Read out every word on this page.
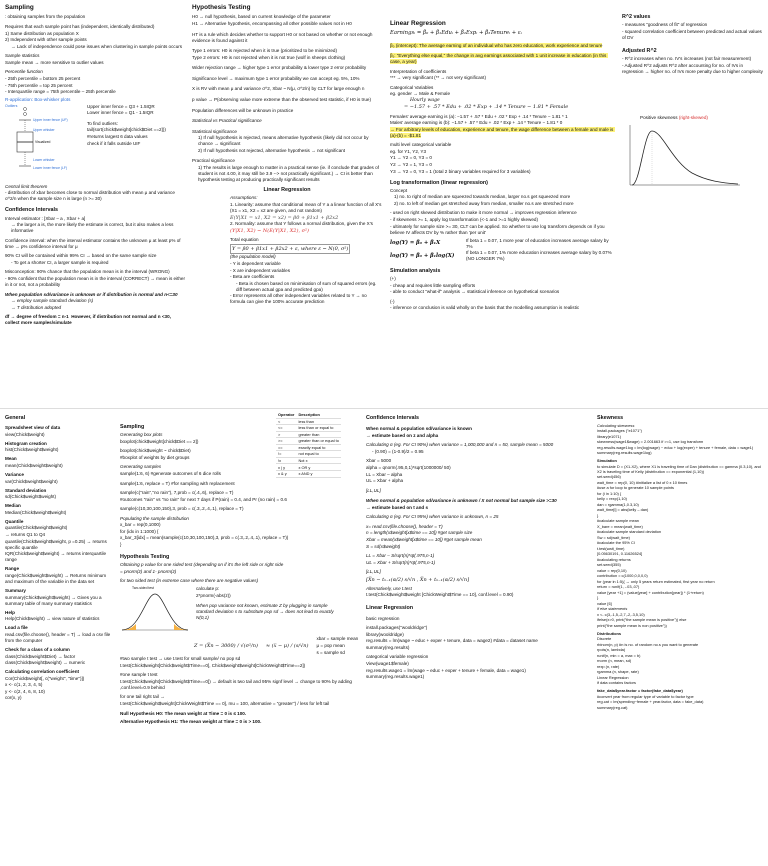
Sampling
: obtaining samples from the population
Requires that each sample point has (independent, identically distributed)
1) Same distribution as population X
2) Independent with other sample points
→ Lack of independence could pose issues when clustering in sample points occurs
Sample statistics
Sample mean → more sensitive to outlier values
Percentile function
- 25th percentile = bottom 25 percent
- 75th percentile = top 25 percent
- Interquartile range = 75th percentile – 25th percentile
R-application: Box-whisker plots
Outliers
Upper inner fence (UF)
Upper whisker
Visualized
Lower whisker
Lower inner fence (LF)
Upper inner fence = Q3 + 1.5IQR
Lower inner fence = Q1 - 1.5IQR
To find outliers:
tail(sort(chick$weight[chick$Diet ==2]))
#returns largest 6 data values
check if it falls outside UIF
Central limit theorem
- distribution of xbar becomes close to normal distribution with mean μ and variance σ^2/n when the sample size n is large (n >= 30)
Confidence Intervals
Interval estimator : [Xbar – a , Xbar + a]
→ the larger a is, the more likely the estimate is correct, but it also makes a less informative
Confidence interval: when the interval estimator contains the unknown μ at least p% of time → p% confidence interval for μ
90% CI will be contained within 99% CI → based on the same sample size
- To get a shorter CI, a larger sample is required
Misconception: 90% chance that the population mean is in the interval (WRONG)
- 90% confident that the population mean is in the interval (CORRECT) → mean is either in it or not, not a probability
When population sd/variance is unknown or if distribution is normal and n<=30
→ employ sample standard deviation (s)
→ T distribution adopted
df → degree of freedom = n-1  However, if distribution not normal and n <30, collect more samples/simulate
Hypothesis Testing
H0 → null hypothesis, based on current knowledge of the parameter
H1 → Alternative hypothesis, encompassing all other possible values not in H0
HT is a rule which decides whether to support H0 or not based on whether or not enough evidence is found against it
Type 1 errors: H0 is rejected when it is true (prioritized to be minimized)
Type 2 errors: H0 is not rejected when it is not true (wolf in sheeps clothing)
Wider rejection range → higher type 1 error probability & lower type 2 error probability
Significance level → maximum type 1 error probability we can accept eg. 5%, 10%
X is RV with mean μ and variance σ^2, Xbar ~ N(μ, σ^2/n) by CLT for large enough n
p value → P(observing value more extreme than the observed test statistic, if H0 is true)
Population differences will be unknown in practice
Statistical vs Practical significance
Statistical significance
1) If null hypothesis is rejected, means alternative hypothesis (likely did not occur by chance → significant
2) If null hypothesis not rejected, alternative hypothesis → not significant
Practical significance
1) The results is large enough to matter in a practical sense (ie. if conclude that grades of student is not 4.00, it may still be 3.9 --> not practically significant.) → CI is better than hypothesis testing at producing practically significant results
Linear Regression
Assumptions:
1. Linearity: assume that conditional mean of Y a a linear function of all X's (X1 = x1, X2 = x2 are given, and not random)
E(Y|X1 = x1, X2 = x2) = β0 + β1x1 + β2x2
2. Normality: assume that Y follows a normal distribution, given the X's
(Y|X1, X2) ~ N(E(Y|X1, X2), σ²)
Total equation
Y = β0 + β1x1 + β2x2 + ε, where ε ~ N(0, σ²)
(the population model)
- Y is dependent variable
- X are independent variables
- Beta are coefficients
- Beta is chosen based on minimisation of sum of squared errors (eg. diff between actual gpa and predicted gpa)
- Error represents all other independent variables related to Y → no formula can give the 100% accurate prediction
Linear Regression
Earningsᵢ = β̂₀ + β̂₁Eduᵢ + β̂₂Expᵢ + β̂₃Tenureᵢ + εᵢ
β₀ (intercept): The average earning of an individual who has zero education, work experience and tenure
β₁: "Everything else equal," the change in avg earnings associated with 1 unit increase in education (in this case, a year)
Interpretation of coefficients
*** → very significant (** → not very significant)
Categorical Variables
eg. gender → Male & Female
Hourly wage
= −1.57 + .57 * Edu + .02 * Exp + .14 * Tenure − 1.81 * Female
Females' average earning is (a): −1.57 + .57 * Edu + .02 * Exp + .14 * Tenure − 1.81 * 1
Males' average earning is (b): −1.57 + .57 * Edu + .02 * Exp + .14 * Tenure − 1.81 * 0
→ For arbitrary levels of education, experience and tenure, the wage difference between a female and male is (a)-(b) = -$1.81
multi level categorical variable
eg. for Y1, Y2, Y3
Y1 → Y2 = 0, Y3 = 0
Y2 → Y2 = 1, Y3 = 0
Y3 → Y2 = 0, Y3 = 1 (total 2 binary variables required for 3 variables)
Log transformation (linear regression)
Concept
1) no. to right of median are squeezed towards median, larger no.s get squeezed more
2) no. to left of median get stretched away from median, smaller no.s are stretched more
- used on right skewed distribution to make it more normal → improves regression inference
- if skewness >= 1, apply log transformation (<-1 and >=1 highly skewed)
- ultimately for sample size >= 30, CLT can be applied. So whether to use log transform depends on if you believe IV affects DV by % rather than 'per unit'
log(Y) = β₀ + β₁X
If beta 1 = 0.07, 1 more year of education increases average salary by 7%
log(Y) = β₀ + β₁log(X)
If beta 1 = 0.07, 1% more education increases average salary by 0.07% (NO LONGER 7%)
Simulation analysis
(+)
- cheap and requires little sampling efforts
- able to conduct "what-if" analysis → statistical inference on hypothetical scenarios
(-)
- inference or conclusion is valid wholly on the basis that the modelling assumption is realistic
R^2 values
- measures "goodness of fit" of regression
- squared correlation coefficient between predicted and actual values of DV
Adjusted R^2
- R^2 increases when no. IV's increases (not fair measurement)
- Adjusted R^2 adjusts R^2 after accounting for no. of IVs in regression → higher no. of IVs more penalty due to higher complexity
Positive skewness (right-skewed)
General
Spreadsheet view of data
view(Chick$weight)
Histogram creation
hist(Chick$weight$weight)
Mean
mean(Chick$weight$weight)
Variance
var(Chick$weight$weight)
Standard deviation
sd(Chick$weight$weight)
Median
Median(Chick$weight$weight)
Quantile
quantile(Chick$weight$weight)
→ returns Q1 to Q4
quantile(Chick$weight$weight, p =0.25) → returns specific quantile
IQR(Chick$weight$weight) → returns interquartile range
Range
range(Chick$weight$weight) → Returns minimum and maximum of the variable in the data set
Summary
summary(Chick$weight$weight) → Gives you a summary table of many summary statistics
Help
Help(Chick$weight) → view nature of statistics
Load a file
read.csv(file.choose(), header = T) → load a csv file from the computer
Check for a class of a column
class(Chick$weight$Diet) → factor
class(Chick$weight$weight) → numeric
Calculating correlation coefficient
Cor(Chick$weight[, c("weight", "time")])
x <- c(1, 2, 3, 4, 5)
y <- c(2, 4, 6, 8, 10)
cor(x, y)
Sampling
Generating box plots
boxplot(chick$weight[chick$Diet == 2])
boxplot(chick$weight ~ chick$Diet)
#boxplot of weights by diet groups
Generating samples
sample(1:6, 6) #generate outcomes of 6 dice rolls
Operator	Description
<	less than
<=	less than or equal to
>	greater than
>=	greater than or equal to
==	exactly equal to
!=	not equal to
!x	Not x
x | y	x OR y
x & y	x AND y
sample(1:6, replace = T) #for sampling with replacement
sample(c("rain","no rain"), 7,prob = c(.4,.6), replace = T)
#outcomes "rain" vs "no rain" for next 7 days if P(rain) = 0.4, and Pr (no rain) = 0.6
sample(c(10,30,100,150),3, prob = c(.3,.2,.4,.1), replace = T)
Populating the sample distribution
x_bar = rep(0,1000)
for (idx in 1:1000) {
x_bar_3[idx] = mean(sample(c(10,30,100,150),3, prob = c(.3,.2,.4,.1), replace = T))
}
Hypothesis Testing
Obtaining p value for one sided test (depending on if it's the left side or right side
= pnorm(z) and 1- pnorm(z)
for two sided test (in extreme case where there are negative values)
Two-sided test	calculate p:
2*pnorm(-abs(z))
When pop variance not known, estimate Z by plugging in sample standard deviation s to substitute pop sd → does not lead to exactly N(0,1)
Z = (X̅n − 3000) / √(σ²/n) ≈ (x̅ − μ) / (s/√n)
xbar = sample mean
μ = pop mean
s = sample sd
#two sample t test → use t.test for small sample/ no pop sd
t.test(Chick$weight[Chick$weight$Time==0], Chick$weight$weight[ChickWeight$Time==2])
#one sample t test
t.test(Chick$weight[Chick$weight$Time==0]) → default is two tail and 95% signf level → change to 90% by adding ,conf.level=0.9 behind
for one tail right tail →
t.test(Chick$weight$weight[ChickWeight$Time == 0], mu = 100, alternative = "greater") / less for left tail
Null Hypothesis H0: The mean weight at Time = 0 is ≤ 100.
Alternative Hypothesis H1: The mean weight at Time = 0 is > 100.
Confidence Intervals
When normal & population sd/variance is known
→ estimate based on z and alpha
Calculating α (eg. For CI 90%) when variance = 1,000,000 and n = 50, sample mean = 5000
- (0.90) = (1-0.9)/2 = 0.95
Xbar = 5000
alpha = qnorm(.95,0,1)*sqrt(1000000/ 50)
LL = Xbar – alpha
UL = Xbar + alpha
[LL,UL]
When normal & population sd/variance is unknown / X not normal but sample size >=30
→ estimate based on t and s
Calculating α (eg. For CI 95%) when variance is unknown, n = 25
x= read.csv(file.choose(), header = T)
n = length(x$weight[x$time == 10]) #get sample size
Xbar = mean(x$weight[x$time == 10]) #get sample mean
S = sd(x$weight)
LL = Xbar – S/sqrt(n)*qt(.975,n-1)
UL = Xbar + S/sqrt(n)*qt(.975,n-1)
[LL,UL]
[X̅n − tₙ₋₁(α/2) s/√n , X̅n + tₙ₋₁(α/2) s/√n]
Alternatively, use t.test
t.test(Chick$weight$weight [ChickWeight$Time == 10], conf.level = 0.90)
Linear Regression
basic regression
install.packages("wooldridge")
library(wooldridge)
reg.results = lm(wage ~ educ + exper + tenure, data = wage2) #data = dataset name
summary(reg.results)
categorical variable regression
View(wage1$female)
reg.results.wage1 = lm(wage ~ educ + exper + tenure + female, data = wage1)
summary(reg.results.wage1)
Skewness
Calculating skewness
install.packages ("e1071")
library(e1071)
skewness(wage1$wage) = 2.001663 if >=1, use log transform
reg.results.wage1log = lm(log(wage) ~ educ + log(exper) + tenure + female, data = wage1)
summary(reg.results.wage1log)
Simulation
to simulate D = (X1-X2), where X1 is traveling time of Dan (distribution == gamma (0.3,10), and X2 is traveling time of Kelly (distribution == exponential (1,10))
set.seed(456)
wait_time = rep(0, 10) #initialize a list of 0 x 10 times
#use a for loop to generate 10 sample points
for (i in 1:10) {
kelly = rexp(1,10)
dan = rgamma(1,0.3,10)
wait_time[i] = abs(kelly – dan)
}
#calculate sample mean
X_bare = mean(wait_time)
#calculate sample standard deviation
Sw = sd(wait_time)
#calculate the 95% CI
t.test(wait_time)
[0.05630191, 0.11626524]
#calculating returns
set.seed(355)
value = rep(0,10)
contribution = c(1000,0,0,0,0)
for (year in 1:5){ → only 5 years return estimated, first year no return
return = runif(1, -.03,.07)
value [year +1] = (value[year] + contribution[year]) * (1+return)
}
value [6]
if else statements
x <- c(3,-1,5,-2,7,-2,-3,5,10)
ifelse(x>0, print("the sample mean is positive")) else
print("the sample mean is non positive"))
Distributions
Discrete
rbinom(n, p) #n is no. of random no.s you want to generate
rpois(n, lambda)
runif(n, min = a, max = b)
rnorm (n, mean, sd)
rexp (n, rate)
rgamma (n, shape, rate)
Linear Regression
if data contains factors
fake_data$year.factor = factor(fake_data$year)
#convert year from regular type of variable to factor type
reg.cat = lm(spending~female + year.factor, data = fake_data)
summary(reg.cat)
